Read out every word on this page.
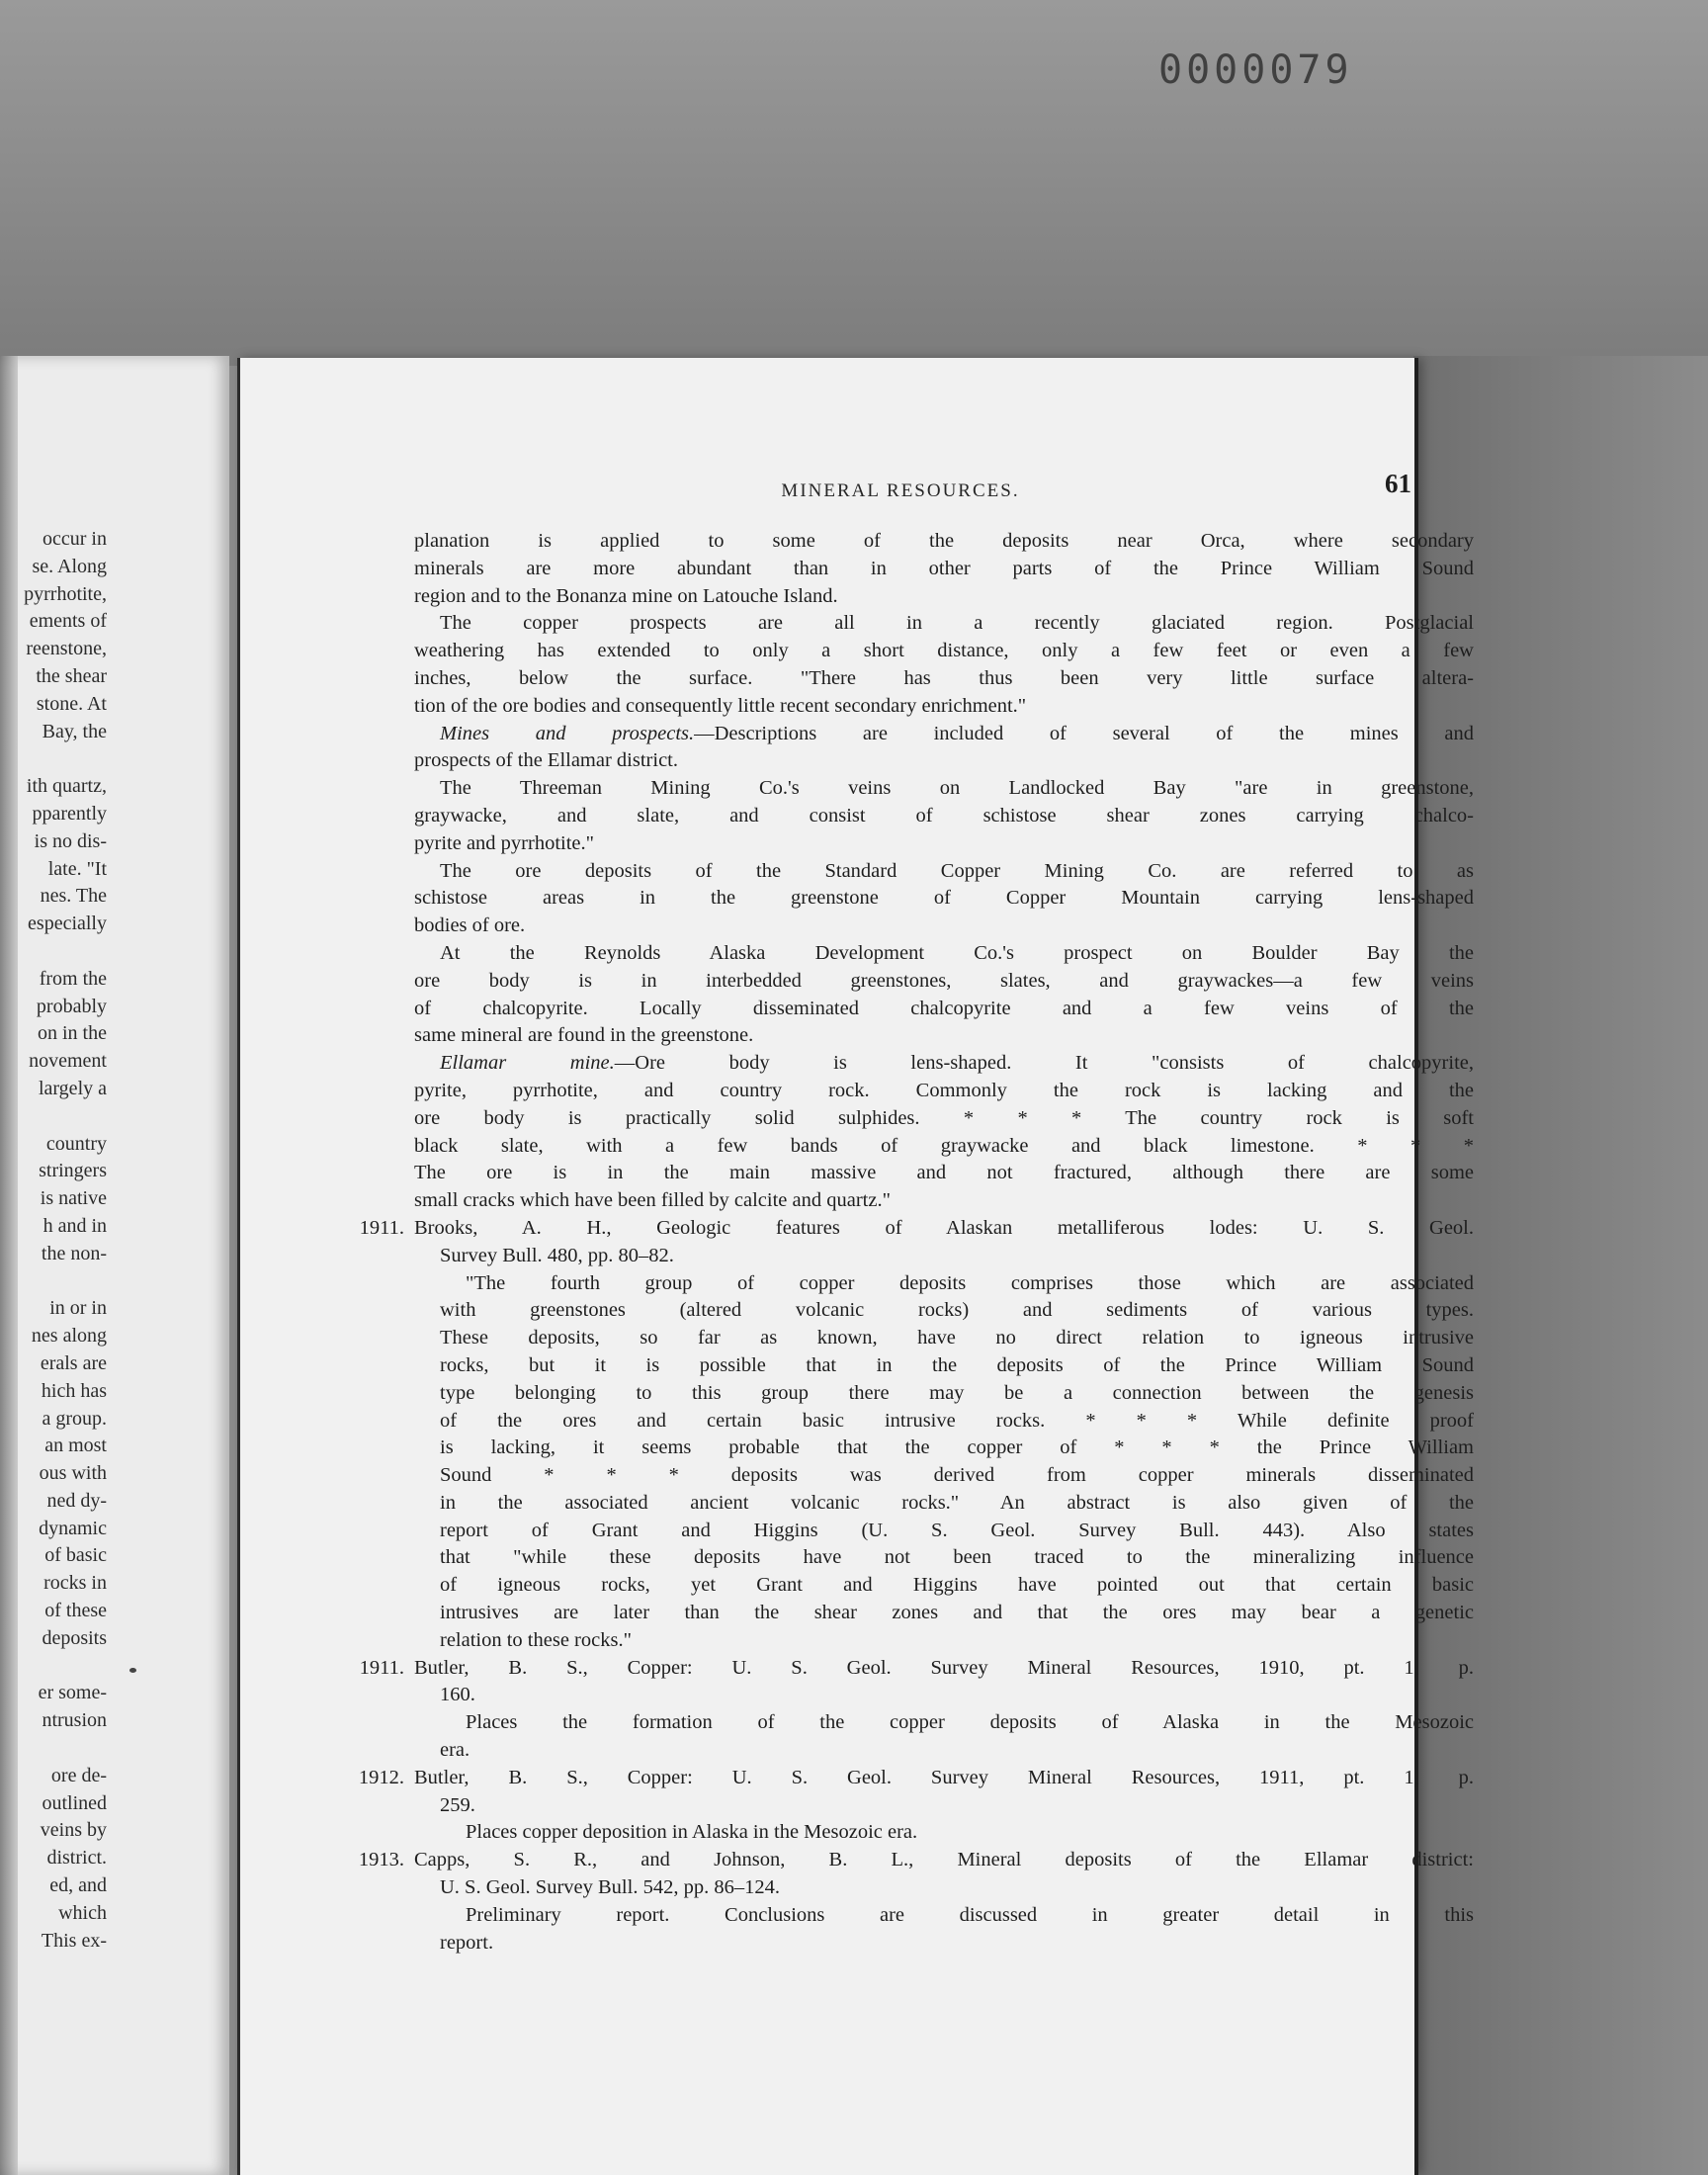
0000079
occur in
se. Along
pyrrhotite,
ements of
reenstone,
the shear
stone. At
Bay, the
ith quartz,
pparently
is no dis-
late. "It
nes. The
especially
from the
probably
on in the
novement
largely a
country
stringers
is native
h and in
the non-
in or in
nes along
erals are
hich has
a group.
an most
ous with
ned dy-
dynamic
of basic
rocks in
of these
deposits
er some-
ntrusion
ore de-
outlined
veins by
district.
ed, and
which
This ex-
MINERAL RESOURCES.	61
planation is applied to some of the deposits near Orca, where secondary
minerals are more abundant than in other parts of the Prince William Sound
region and to the Bonanza mine on Latouche Island.
The copper prospects are all in a recently glaciated region. Postglacial
weathering has extended to only a short distance, only a few feet or even a few
inches, below the surface. "There has thus been very little surface altera-
tion of the ore bodies and consequently little recent secondary enrichment."
Mines and prospects.—Descriptions are included of several of the mines and
prospects of the Ellamar district.
The Threeman Mining Co.'s veins on Landlocked Bay "are in greenstone,
graywacke, and slate, and consist of schistose shear zones carrying chalco-
pyrite and pyrrhotite."
The ore deposits of the Standard Copper Mining Co. are referred to as
schistose areas in the greenstone of Copper Mountain carrying lens-shaped
bodies of ore.
At the Reynolds Alaska Development Co.'s prospect on Boulder Bay the
ore body is in interbedded greenstones, slates, and graywackes—a few veins
of chalcopyrite. Locally disseminated chalcopyrite and a few veins of the
same mineral are found in the greenstone.
Ellamar mine.—Ore body is lens-shaped. It "consists of chalcopyrite,
pyrite, pyrrhotite, and country rock. Commonly the rock is lacking and the
ore body is practically solid sulphides. * * * The country rock is soft
black slate, with a few bands of graywacke and black limestone. * * *
The ore is in the main massive and not fractured, although there are some
small cracks which have been filled by calcite and quartz."
1911. Brooks, A. H., Geologic features of Alaskan metalliferous lodes: U. S. Geol.
Survey Bull. 480, pp. 80–82.
"The fourth group of copper deposits comprises those which are associated
with greenstones (altered volcanic rocks) and sediments of various types.
These deposits, so far as known, have no direct relation to igneous intrusive
rocks, but it is possible that in the deposits of the Prince William Sound
type belonging to this group there may be a connection between the genesis
of the ores and certain basic intrusive rocks. * * * While definite proof
is lacking, it seems probable that the copper of * * * the Prince William
Sound * * * deposits was derived from copper minerals disseminated
in the associated ancient volcanic rocks." An abstract is also given of the
report of Grant and Higgins (U. S. Geol. Survey Bull. 443). Also states
that "while these deposits have not been traced to the mineralizing influence
of igneous rocks, yet Grant and Higgins have pointed out that certain basic
intrusives are later than the shear zones and that the ores may bear a genetic
relation to these rocks."
1911. Butler, B. S., Copper: U. S. Geol. Survey Mineral Resources, 1910, pt. 1, p.
160.
Places the formation of the copper deposits of Alaska in the Mesozoic
era.
1912. Butler, B. S., Copper: U. S. Geol. Survey Mineral Resources, 1911, pt. 1, p.
259.
Places copper deposition in Alaska in the Mesozoic era.
1913. Capps, S. R., and Johnson, B. L., Mineral deposits of the Ellamar district:
U. S. Geol. Survey Bull. 542, pp. 86–124.
Preliminary report. Conclusions are discussed in greater detail in this
report.
